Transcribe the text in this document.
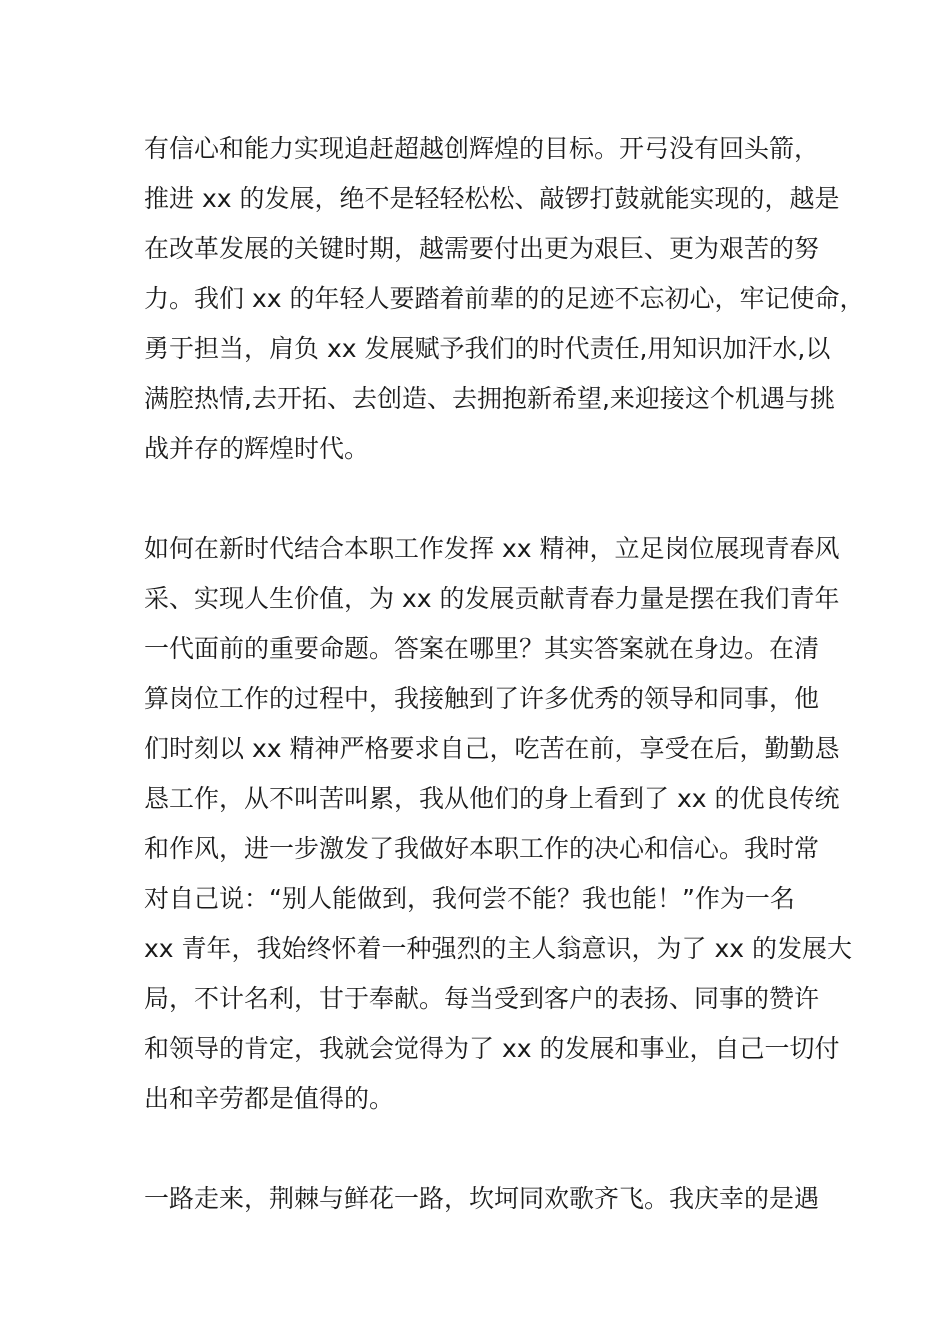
有信心和能力实现追赶超越创辉煌的目标。开弓没有回头箭，
推进 xx 的发展，绝不是轻轻松松、敲锣打鼓就能实现的，越是
在改革发展的关键时期，越需要付出更为艰巨、更为艰苦的努
力。我们 xx 的年轻人要踏着前辈的的足迹不忘初心，牢记使命，
勇于担当，肩负 xx 发展赋予我们的时代责任,用知识加汗水,以
满腔热情,去开拓、去创造、去拥抱新希望,来迎接这个机遇与挑
战并存的辉煌时代。
如何在新时代结合本职工作发挥 xx 精神，立足岗位展现青春风
采、实现人生价值，为 xx 的发展贡献青春力量是摆在我们青年
一代面前的重要命题。答案在哪里？其实答案就在身边。在清
算岗位工作的过程中，我接触到了许多优秀的领导和同事，他
们时刻以 xx 精神严格要求自己，吃苦在前，享受在后，勤勤恳
恳工作，从不叫苦叫累，我从他们的身上看到了 xx 的优良传统
和作风，进一步激发了我做好本职工作的决心和信心。我时常
对自己说：“别人能做到，我何尝不能？我也能！”作为一名
xx 青年，我始终怀着一种强烈的主人翁意识，为了 xx 的发展大
局，不计名利，甘于奉献。每当受到客户的表扬、同事的赞许
和领导的肯定，我就会觉得为了 xx 的发展和事业，自己一切付
出和辛劳都是值得的。
一路走来，荆棘与鲜花一路，坎坷同欢歌齐飞。我庆幸的是遇
